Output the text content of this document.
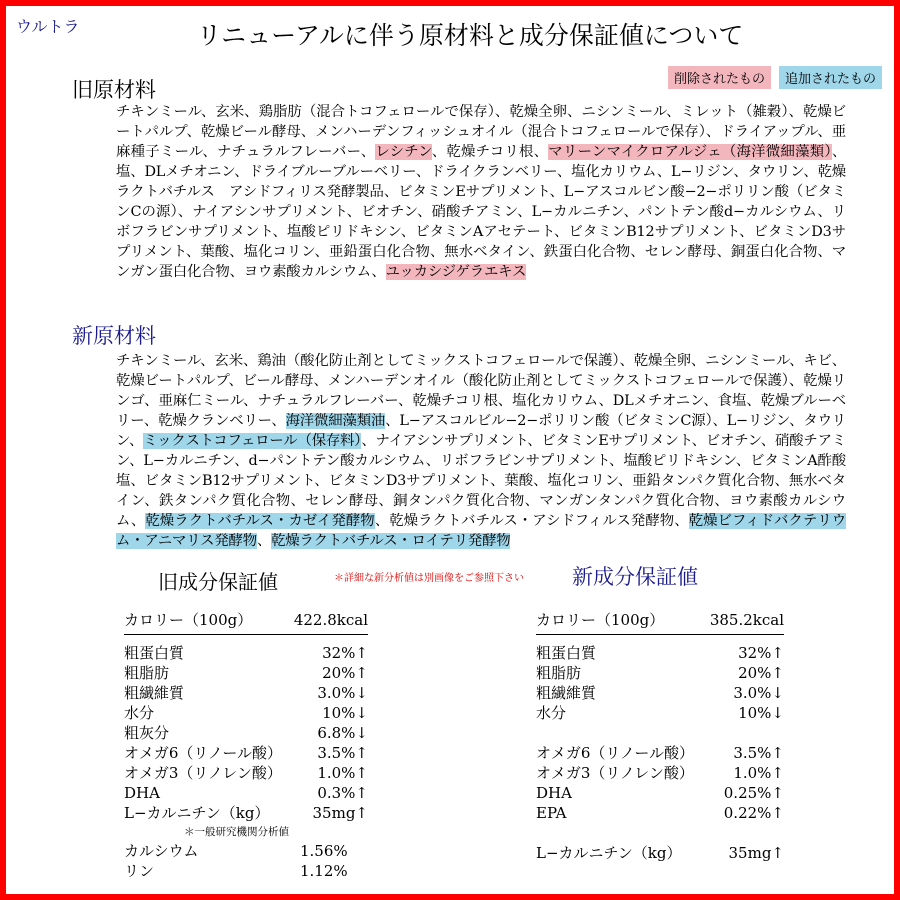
ウルトラ	リニューアルに伴う原材料と成分保証値について
削除されたもの	追加されたもの
旧原材料
チキンミール、玄米、鶏脂肪（混合トコフェロールで保存）、乾燥全卵、ニシンミール、ミレット（雑穀）、乾燥ビートパルプ、乾燥ビール酵母、メンハーデンフィッシュオイル（混合トコフェロールで保存）、ドライアップル、亜麻種子ミール、ナチュラルフレーバー、レシチン、乾燥チコリ根、マリーンマイクロアルジェ（海洋微細藻類）、塩、DLメチオニン、ドライブルーブルーベリー、ドライクランベリー、塩化カリウム、L−リジン、タウリン、乾燥ラクトバチルス　アシドフィリス発酵製品、ビタミンEサプリメント、L−アスコルビン酸−2−ポリリン酸（ビタミンCの源）、ナイアシンサプリメント、ビオチン、硝酸チアミン、L−カルニチン、パントテン酸d−カルシウム、リボフラビンサプリメント、塩酸ピリドキシン、ビタミンAアセテート、ビタミンB12サプリメント、ビタミンD3サプリメント、葉酸、塩化コリン、亜鉛蛋白化合物、無水ベタイン、鉄蛋白化合物、セレン酵母、銅蛋白化合物、マンガン蛋白化合物、ヨウ素酸カルシウム、ユッカシジゲラエキス
新原材料
チキンミール、玄米、鶏油（酸化防止剤としてミックストコフェロールで保護）、乾燥全卵、ニシンミール、キビ、乾燥ビートパルプ、ビール酵母、メンハーデンオイル（酸化防止剤としてミックストコフェロールで保護）、乾燥リンゴ、亜麻仁ミール、ナチュラルフレーバー、乾燥チコリ根、塩化カリウム、DLメチオニン、食塩、乾燥ブルーベリー、乾燥クランベリー、海洋微細藻類油、L−アスコルビル−2−ポリリン酸（ビタミンC源）、L−リジン、タウリン、ミックストコフェロール（保存料）、ナイアシンサプリメント、ビタミンEサプリメント、ビオチン、硝酸チアミン、L−カルニチン、d−パントテン酸カルシウム、リボフラビンサプリメント、塩酸ピリドキシン、ビタミンA酢酸塩、ビタミンB12サプリメント、ビタミンD3サプリメント、葉酸、塩化コリン、亜鉛タンパク質化合物、無水ベタイン、鉄タンパク質化合物、セレン酵母、銅タンパク質化合物、マンガンタンパク質化合物、ヨウ素酸カルシウム、乾燥ラクトバチルス・カゼイ発酵物、乾燥ラクトバチルス・アシドフィルス発酵物、乾燥ビフィドバクテリウム・アニマリス発酵物、乾燥ラクトバチルス・ロイテリ発酵物
旧成分保証値	＊詳細な新分析値は別画像をご参照下さい 新成分保証値
カロリー（100g）	422.8kcal
粗蛋白質	32%↑
粗脂肪	20%↑
粗繊維質	3.0%↓
水分	10%↓
粗灰分	6.8%↓
オメガ6（リノール酸） 3.5%↑
オメガ3（リノレン酸） 1.0%↑
DHA	0.3%↑
L−カルニチン（kg）	35mg↑
＊一般研究機関分析値
カルシウム	1.56%
リン	1.12%
カロリー（100g）	385.2kcal
粗蛋白質	32%↑
粗脂肪	20%↑
粗繊維質	3.0%↓
水分	10%↓
オメガ6（リノール酸）	3.5%↑
オメガ3（リノレン酸）	1.0%↑
DHA	0.25%↑
EPA	0.22%↑
L−カルニチン（kg）	35mg↑
